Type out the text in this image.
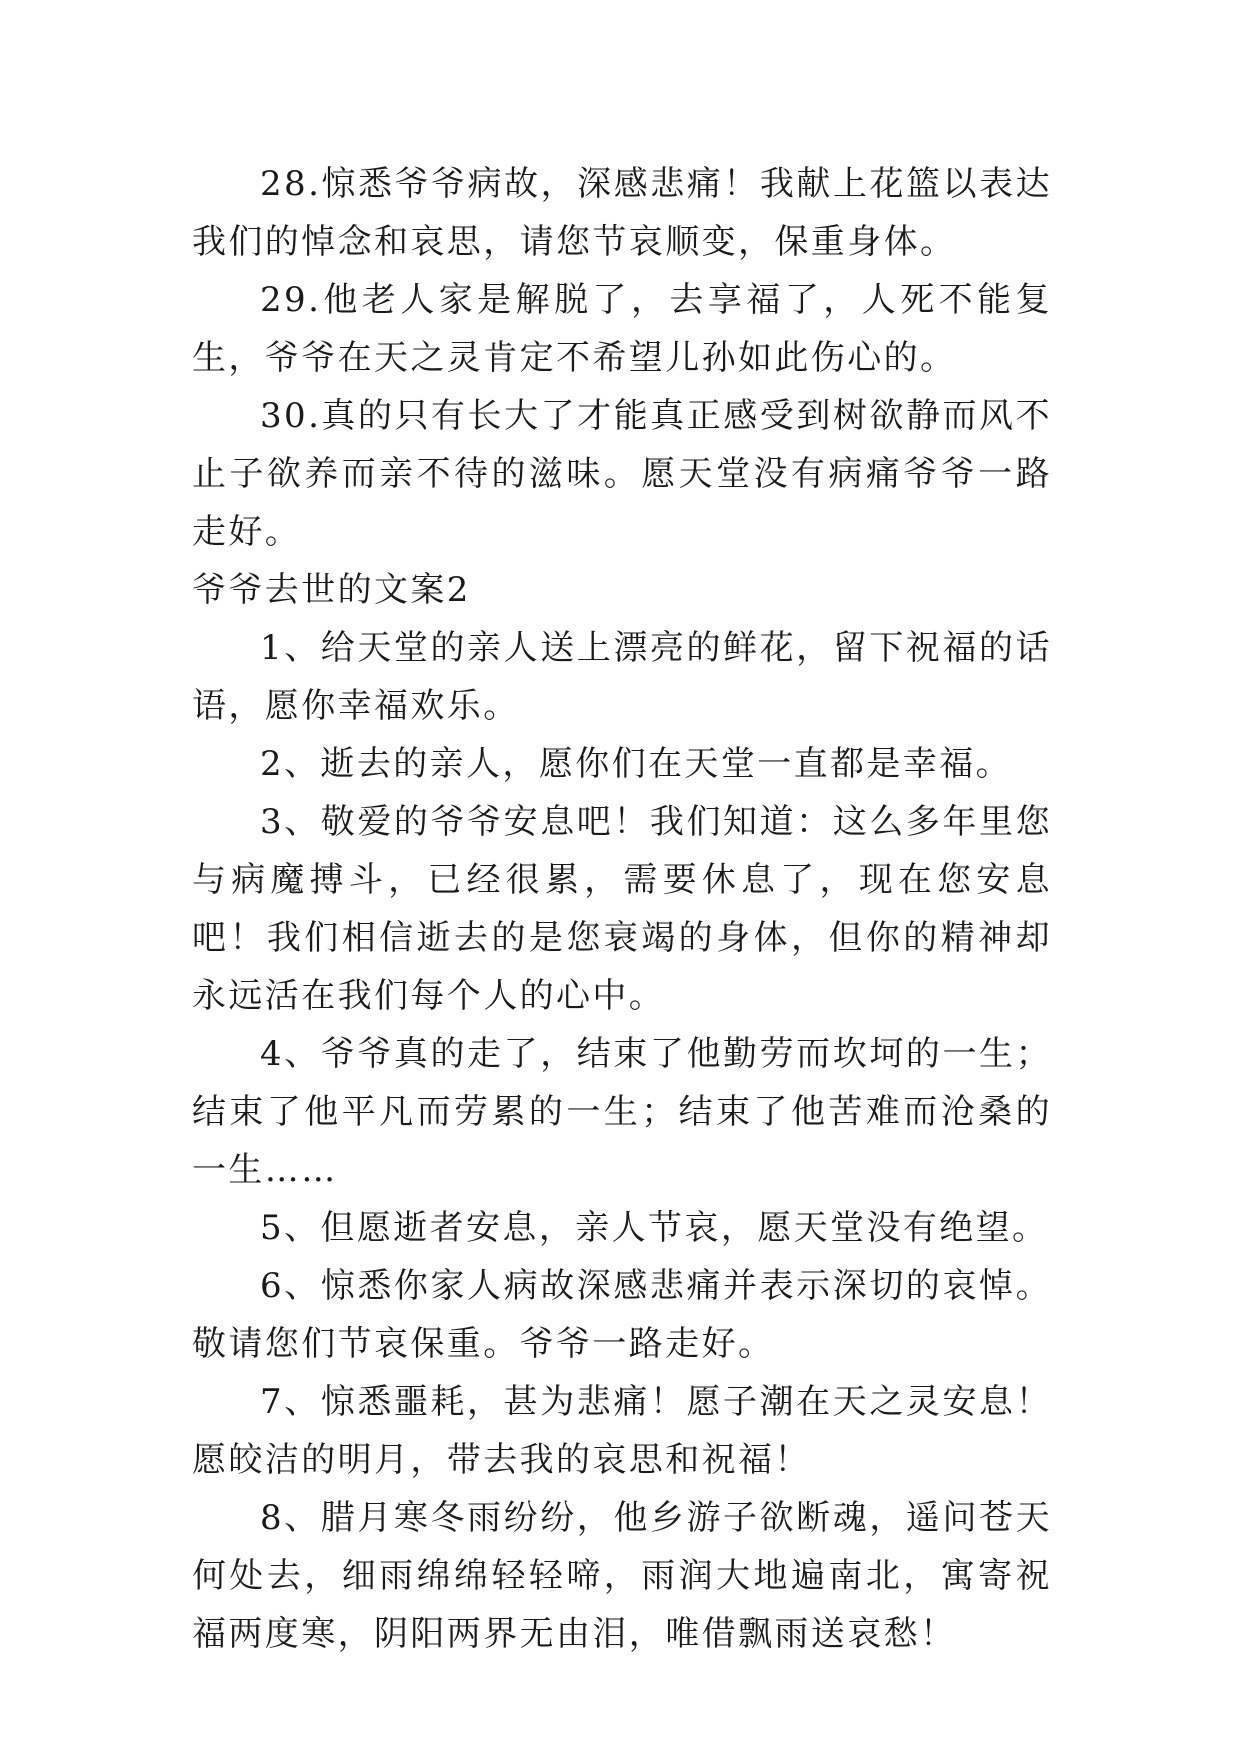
28.惊悉爷爷病故，深感悲痛！我献上花篮以表达我们的悼念和哀思，请您节哀顺变，保重身体。

29.他老人家是解脱了，去享福了，人死不能复生，爷爷在天之灵肯定不希望儿孙如此伤心的。

30.真的只有长大了才能真正感受到树欲静而风不止子欲养而亲不待的滋味。愿天堂没有病痛爷爷一路走好。

爷爷去世的文案2

1、给天堂的亲人送上漂亮的鲜花，留下祝福的话语，愿你幸福欢乐。

2、逝去的亲人，愿你们在天堂一直都是幸福。

3、敬爱的爷爷安息吧！我们知道：这么多年里您与病魔搏斗，已经很累，需要休息了，现在您安息吧！我们相信逝去的是您衰竭的身体，但你的精神却永远活在我们每个人的心中。

4、爷爷真的走了，结束了他勤劳而坎坷的一生；结束了他平凡而劳累的一生；结束了他苦难而沧桑的一生……

5、但愿逝者安息，亲人节哀，愿天堂没有绝望。

6、惊悉你家人病故深感悲痛并表示深切的哀悼。敬请您们节哀保重。爷爷一路走好。

7、惊悉噩耗，甚为悲痛！愿子潮在天之灵安息！愿皎洁的明月，带去我的哀思和祝福！

8、腊月寒冬雨纷纷，他乡游子欲断魂，遥问苍天何处去，细雨绵绵轻轻啼，雨润大地遍南北，寓寄祝福两度寒，阴阳两界无由泪，唯借飘雨送哀愁！
